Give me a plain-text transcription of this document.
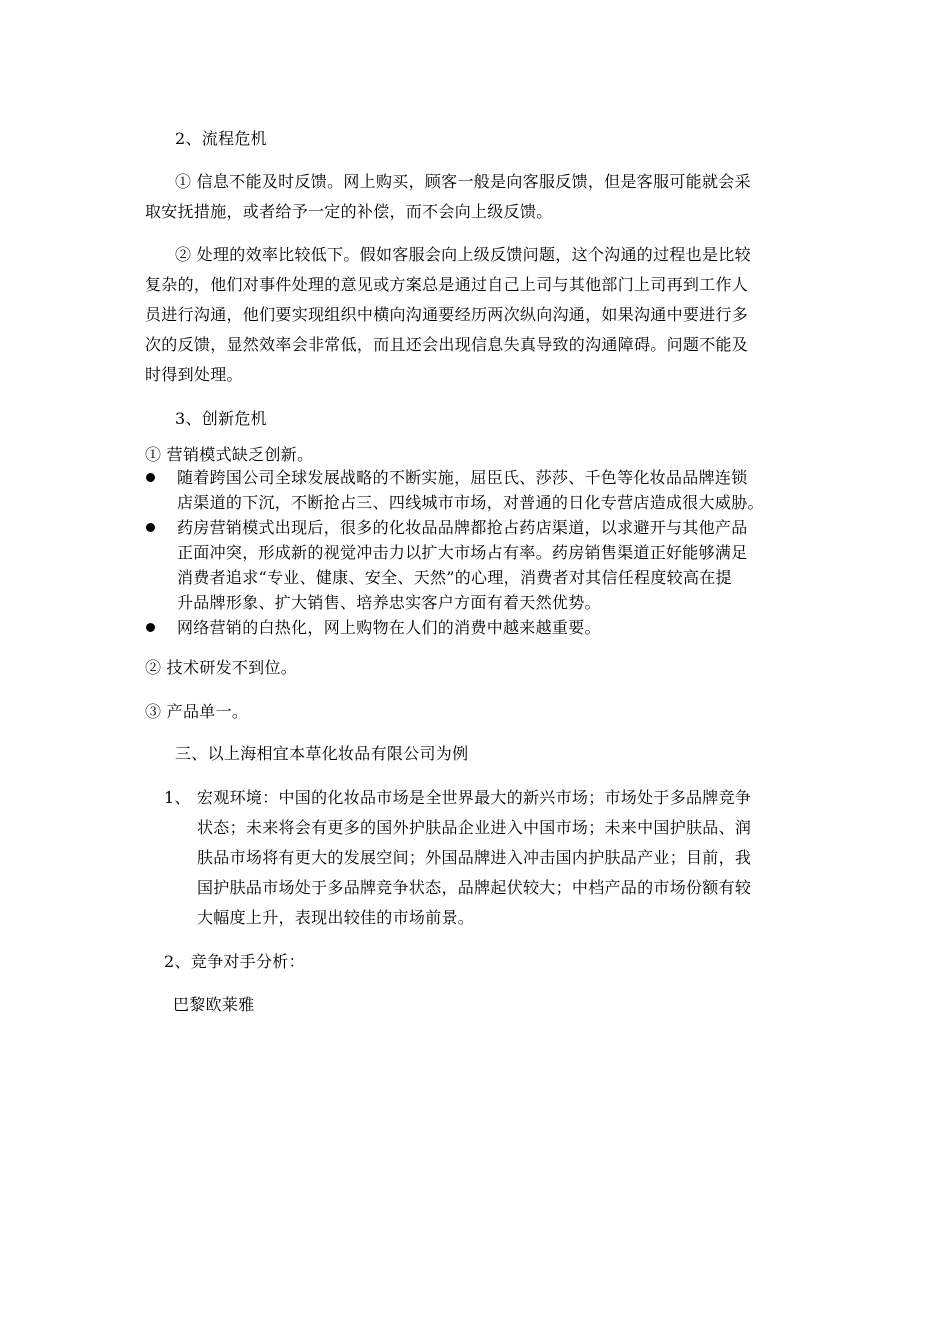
2、流程危机
① 信息不能及时反馈。网上购买，顾客一般是向客服反馈，但是客服可能就会采
取安抚措施，或者给予一定的补偿，而不会向上级反馈。
② 处理的效率比较低下。假如客服会向上级反馈问题，这个沟通的过程也是比较
复杂的，他们对事件处理的意见或方案总是通过自己上司与其他部门上司再到工作人
员进行沟通，他们要实现组织中横向沟通要经历两次纵向沟通，如果沟通中要进行多
次的反馈，显然效率会非常低，而且还会出现信息失真导致的沟通障碍。问题不能及
时得到处理。
3、创新危机
① 营销模式缺乏创新。
随着跨国公司全球发展战略的不断实施，屈臣氏、莎莎、千色等化妆品品牌连锁
店渠道的下沉，不断抢占三、四线城市市场，对普通的日化专营店造成很大威胁。
药房营销模式出现后，很多的化妆品品牌都抢占药店渠道，以求避开与其他产品
正面冲突，形成新的视觉冲击力以扩大市场占有率。药房销售渠道正好能够满足
消费者追求“专业、健康、安全、天然”的心理，消费者对其信任程度较高在提
升品牌形象、扩大销售、培养忠实客户方面有着天然优势。
网络营销的白热化，网上购物在人们的消费中越来越重要。
② 技术研发不到位。
③ 产品单一。
三、以上海相宜本草化妆品有限公司为例
1、 宏观环境：中国的化妆品市场是全世界最大的新兴市场；市场处于多品牌竞争
状态；未来将会有更多的国外护肤品企业进入中国市场；未来中国护肤品、润
肤品市场将有更大的发展空间；外国品牌进入冲击国内护肤品产业；目前，我
国护肤品市场处于多品牌竞争状态，品牌起伏较大；中档产品的市场份额有较
大幅度上升，表现出较佳的市场前景。
2、竞争对手分析：
巴黎欧莱雅
